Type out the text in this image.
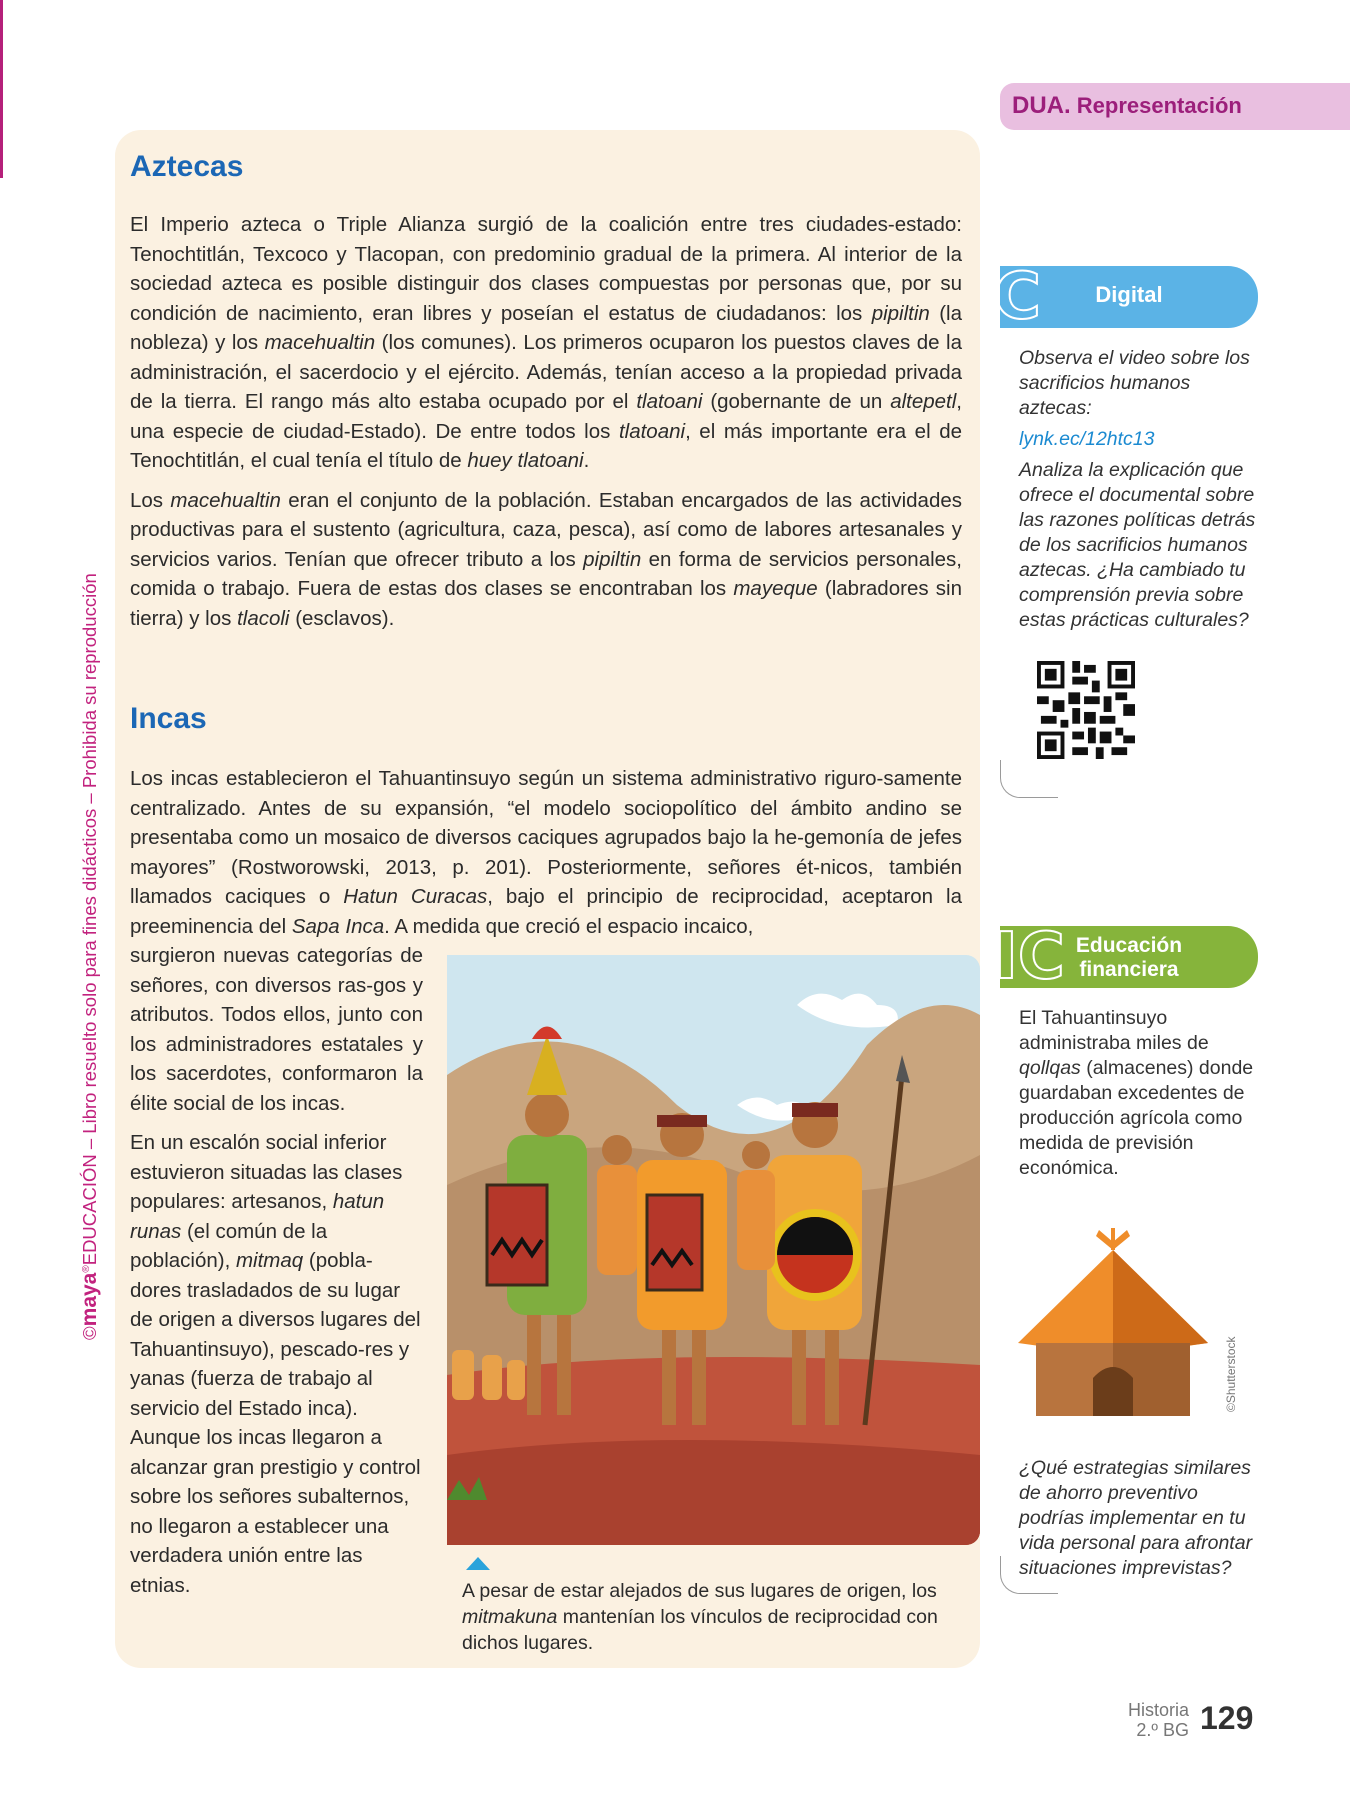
©maya®EDUCACIÓN – Libro resuelto solo para fines didácticos – Prohibida su reproducción
DUA. Representación
Aztecas

El Imperio azteca o Triple Alianza surgió de la coalición entre tres ciudades-estado: Tenochtitlán, Texcoco y Tlacopan, con predominio gradual de la primera. Al interior de la sociedad azteca es posible distinguir dos clases compuestas por personas que, por su condición de nacimiento, eran libres y poseían el estatus de ciudadanos: los pipiltin (la nobleza) y los macehualtin (los comunes). Los primeros ocuparon los puestos claves de la administración, el sacerdocio y el ejército. Además, tenían acceso a la propiedad privada de la tierra. El rango más alto estaba ocupado por el tlatoani (gobernante de un altepetl, una especie de ciudad-Estado). De entre todos los tlatoani, el más importante era el de Tenochtitlán, el cual tenía el título de huey tlatoani.

Los macehualtin eran el conjunto de la población. Estaban encargados de las actividades productivas para el sustento (agricultura, caza, pesca), así como de labores artesanales y servicios varios. Tenían que ofrecer tributo a los pipiltin en forma de servicios personales, comida o trabajo. Fuera de estas dos clases se encontraban los mayeque (labradores sin tierra) y los tlacoli (esclavos).

Incas
Los incas establecieron el Tahuantinsuyo según un sistema administrativo riguro-samente centralizado. Antes de su expansión, “el modelo sociopolítico del ámbito andino se presentaba como un mosaico de diversos caciques agrupados bajo la he-gemonía de jefes mayores” (Rostworowski, 2013, p. 201). Posteriormente, señores ét-nicos, también llamados caciques o Hatun Curacas, bajo el principio de reciprocidad, aceptaron la preeminencia del Sapa Inca. A medida que creció el espacio incaico,

surgieron nuevas categorías de señores, con diversos ras-gos y atributos. Todos ellos, junto con los administradores estatales y los sacerdotes, conformaron la élite social de los incas.

En un escalón social inferior estuvieron situadas las clases populares: artesanos, hatun runas (el común de la población), mitmaq (pobla-dores trasladados de su lugar de origen a diversos lugares del Tahuantinsuyo), pescado-res y yanas (fuerza de trabajo al servicio del Estado inca). Aunque los incas llegaron a alcanzar gran prestigio y control sobre los señores subalternos, no llegaron a establecer una verdadera unión entre las etnias.	A pesar de estar alejados de sus lugares de origen, los mitmakuna mantenían los vínculos de reciprocidad con dichos lugares.

C Digital

Observa el video sobre los sacrificios humanos aztecas:

lynk.ec/12htc13

Analiza la explicación que ofrece el documental sobre las razones políticas detrás de los sacrificios humanos aztecas. ¿Ha cambiado tu comprensión previa sobre estas prácticas culturales?

IC Educación
financiera

El Tahuantinsuyo administraba miles de qollqas (almacenes) donde guardaban excedentes de producción agrícola como medida de previsión económica.

©Shutterstock

¿Qué estrategias similares de ahorro preventivo podrías implementar en tu vida personal para afrontar situaciones imprevistas?

Historia
2.º BG 129
